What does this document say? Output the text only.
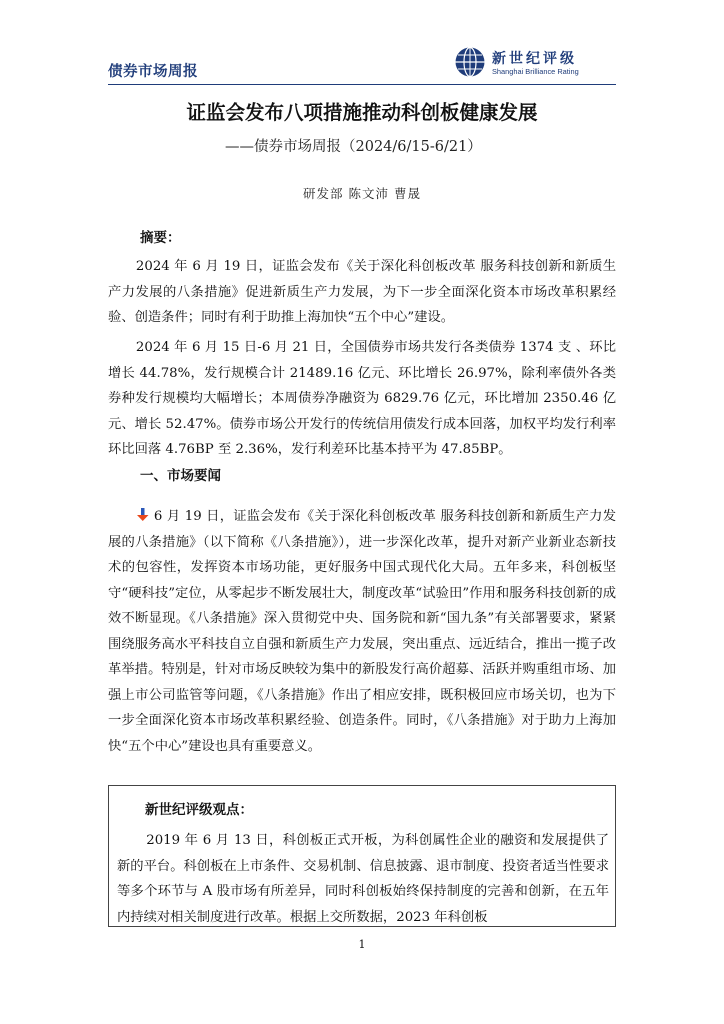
债券市场周报
新世纪评级
Shanghai Brilliance Rating
证监会发布八项措施推动科创板健康发展
——债券市场周报（2024/6/15-6/21）
研发部 陈文沛 曹晟
摘要：

2024 年 6 月 19 日，证监会发布《关于深化科创板改革 服务科技创新和新质生产力发展的八条措施》促进新质生产力发展，为下一步全面深化资本市场改革积累经验、创造条件；同时有利于助推上海加快“五个中心”建设。

2024 年 6 月 15 日-6 月 21 日，全国债券市场共发行各类债券 1374 支 、环比增长 44.78%，发行规模合计 21489.16 亿元、环比增长 26.97%，除利率债外各类券种发行规模均大幅增长；本周债券净融资为 6829.76 亿元，环比增加 2350.46 亿元、增长 52.47%。债券市场公开发行的传统信用债发行成本回落，加权平均发行利率环比回落 4.76BP 至 2.36%，发行利差环比基本持平为 47.85BP。

一、市场要闻

6 月 19 日，证监会发布《关于深化科创板改革 服务科技创新和新质生产力发展的八条措施》（以下简称《八条措施》），进一步深化改革，提升对新产业新业态新技术的包容性，发挥资本市场功能，更好服务中国式现代化大局。五年多来，科创板坚守“硬科技”定位，从零起步不断发展壮大，制度改革“试验田”作用和服务科技创新的成效不断显现。《八条措施》深入贯彻党中央、国务院和新“国九条”有关部署要求，紧紧围绕服务高水平科技自立自强和新质生产力发展，突出重点、远近结合，推出一揽子改革举措。特别是，针对市场反映较为集中的新股发行高价超募、活跃并购重组市场、加强上市公司监管等问题，《八条措施》作出了相应安排，既积极回应市场关切，也为下一步全面深化资本市场改革积累经验、创造条件。同时，《八条措施》对于助力上海加快“五个中心”建设也具有重要意义。

新世纪评级观点：

2019 年 6 月 13 日，科创板正式开板，为科创属性企业的融资和发展提供了新的平台。科创板在上市条件、交易机制、信息披露、退市制度、投资者适当性要求等多个环节与 A 股市场有所差异，同时科创板始终保持制度的完善和创新，在五年内持续对相关制度进行改革。根据上交所数据，2023 年科创板

1
